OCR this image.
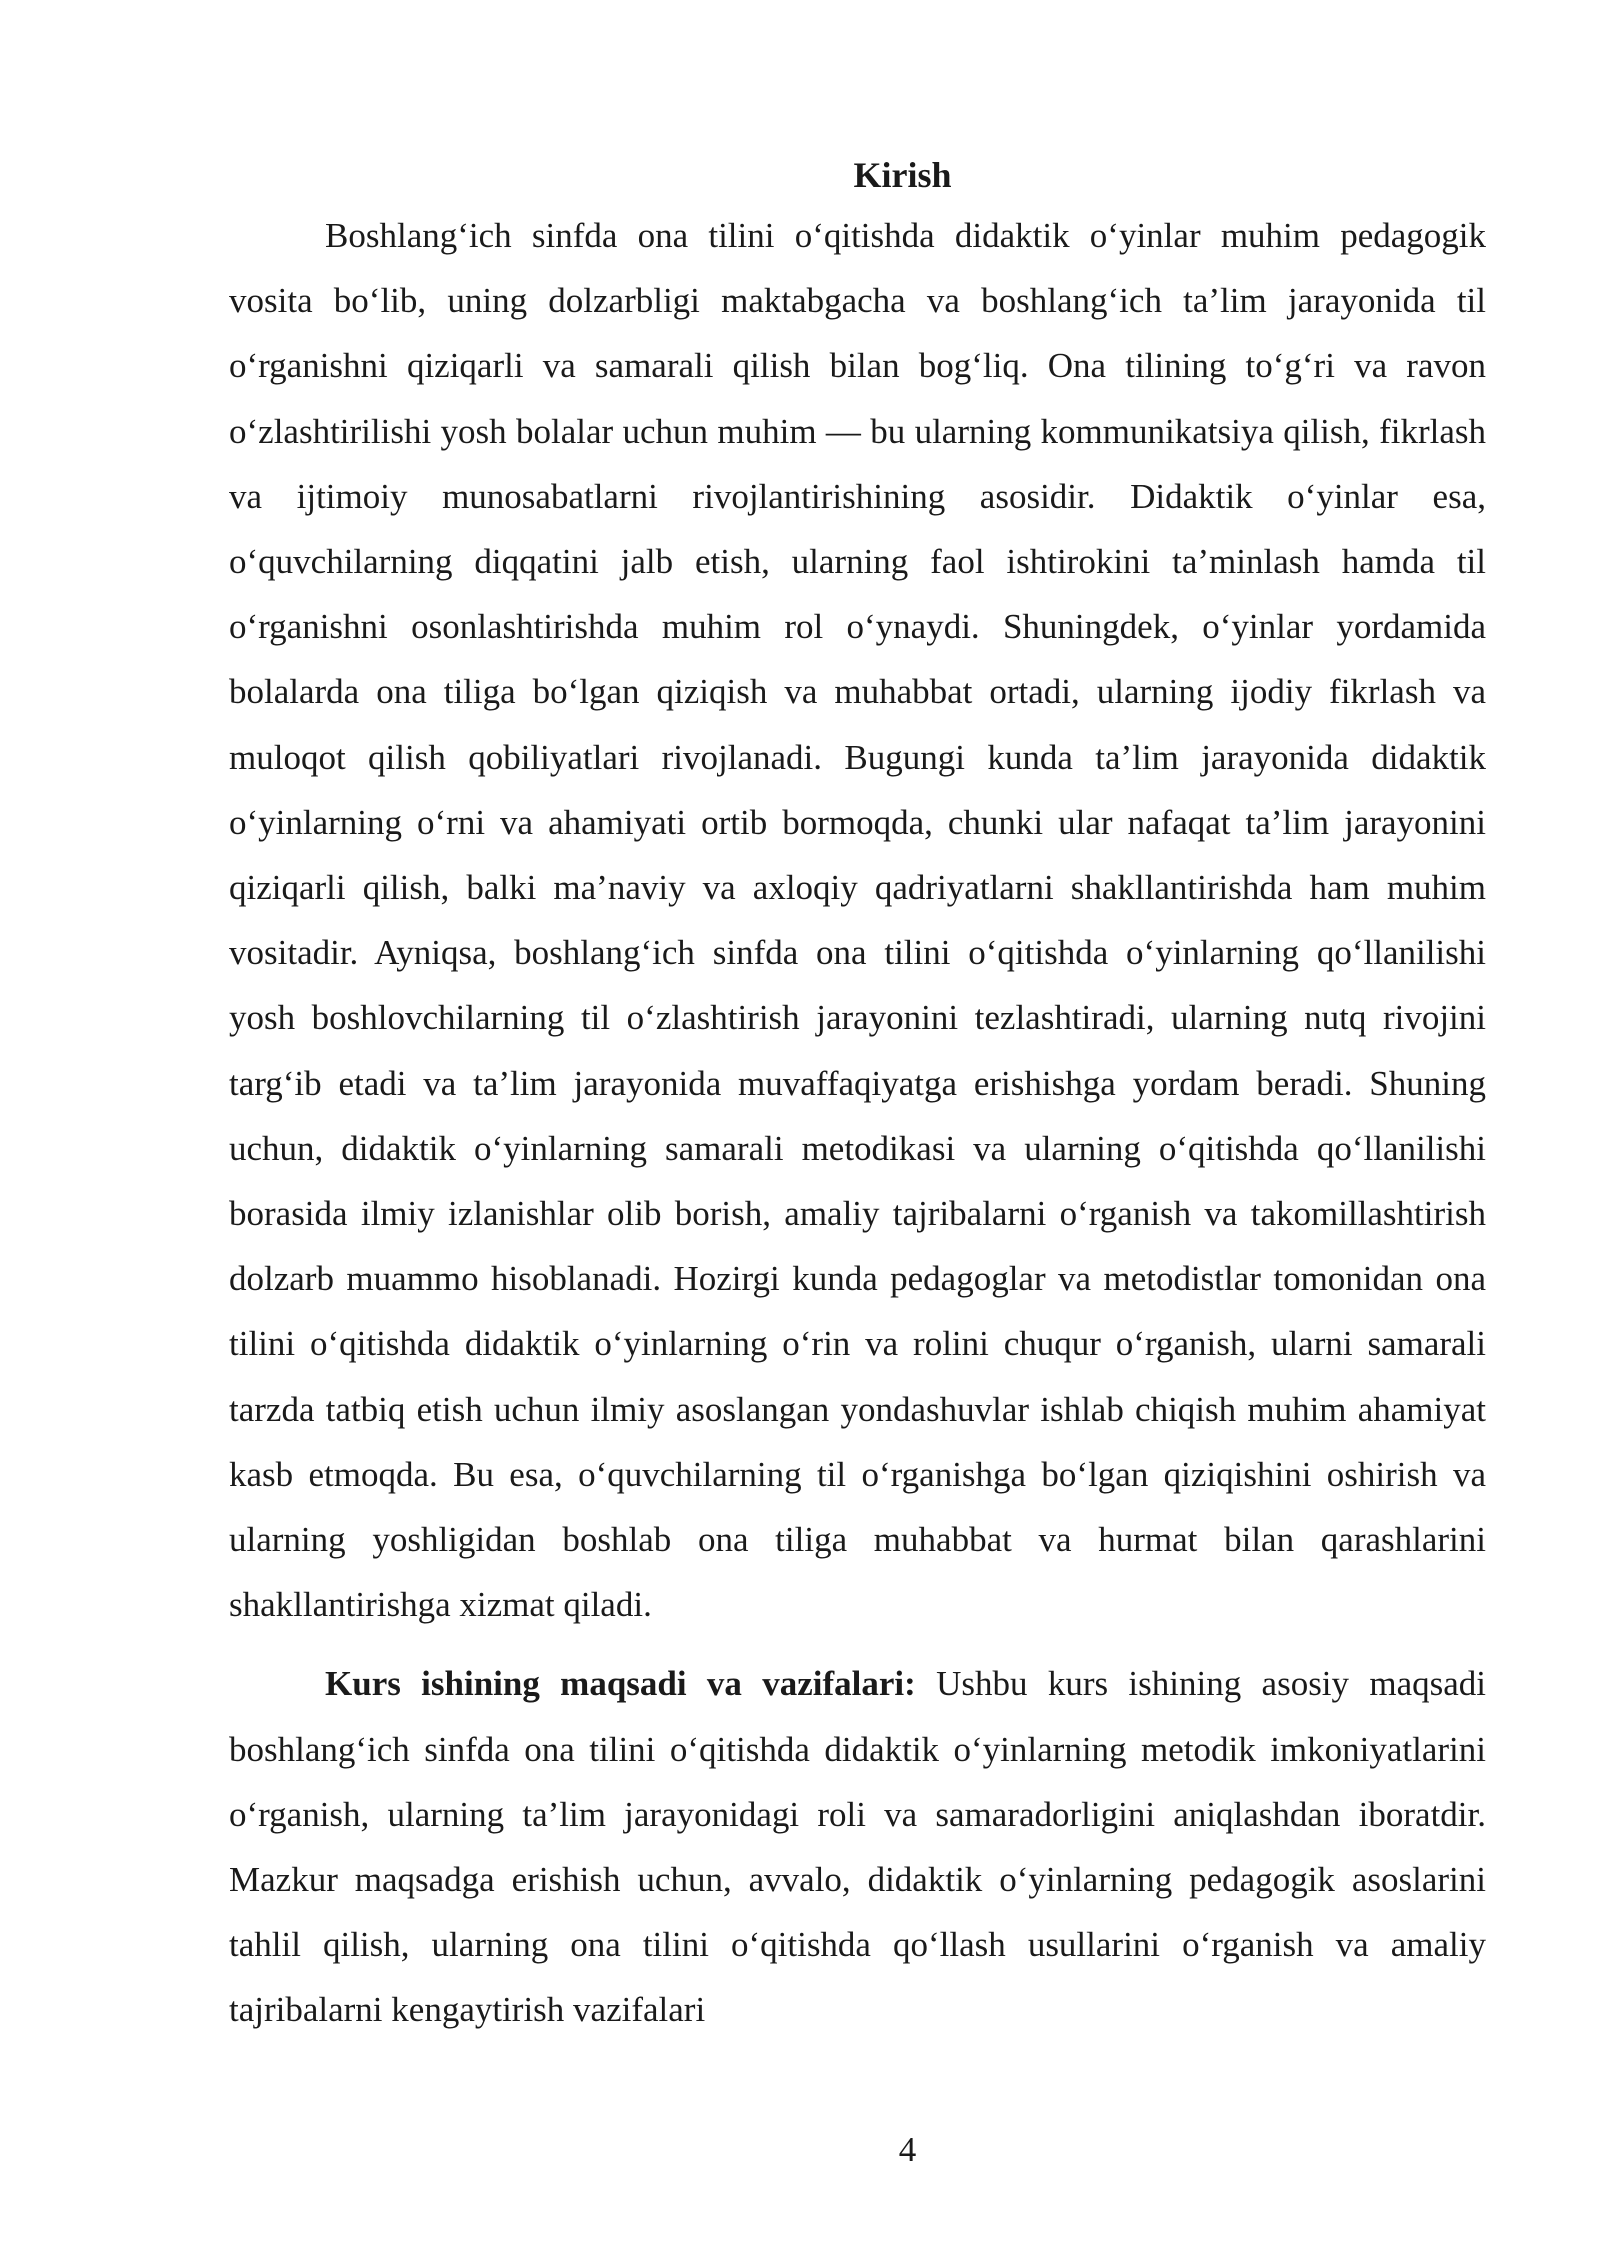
Kirish

Boshlang‘ich sinfda ona tilini o‘qitishda didaktik o‘yinlar muhim pedagogik vosita bo‘lib, uning dolzarbligi maktabgacha va boshlang‘ich ta’lim jarayonida til o‘rganishni qiziqarli va samarali qilish bilan bog‘liq. Ona tilining to‘g‘ri va ravon o‘zlashtirilishi yosh bolalar uchun muhim — bu ularning kommunikatsiya qilish, fikrlash va ijtimoiy munosabatlarni rivojlantirishining asosidir. Didaktik o‘yinlar esa, o‘quvchilarning diqqatini jalb etish, ularning faol ishtirokini ta’minlash hamda til o‘rganishni osonlashtirishda muhim rol o‘ynaydi. Shuningdek, o‘yinlar yordamida bolalarda ona tiliga bo‘lgan qiziqish va muhabbat ortadi, ularning ijodiy fikrlash va muloqot qilish qobiliyatlari rivojlanadi. Bugungi kunda ta’lim jarayonida didaktik o‘yinlarning o‘rni va ahamiyati ortib bormoqda, chunki ular nafaqat ta’lim jarayonini qiziqarli qilish, balki ma’naviy va axloqiy qadriyatlarni shakllantirishda ham muhim vositadir. Ayniqsa, boshlang‘ich sinfda ona tilini o‘qitishda o‘yinlarning qo‘llanilishi yosh boshlovchilarning til o‘zlashtirish jarayonini tezlashtiradi, ularning nutq rivojini targ‘ib etadi va ta’lim jarayonida muvaffaqiyatga erishishga yordam beradi. Shuning uchun, didaktik o‘yinlarning samarali metodikasi va ularning o‘qitishda qo‘llanilishi borasida ilmiy izlanishlar olib borish, amaliy tajribalarni o‘rganish va takomillashtirish dolzarb muammo hisoblanadi. Hozirgi kunda pedagoglar va metodistlar tomonidan ona tilini o‘qitishda didaktik o‘yinlarning o‘rin va rolini chuqur o‘rganish, ularni samarali tarzda tatbiq etish uchun ilmiy asoslangan yondashuvlar ishlab chiqish muhim ahamiyat kasb etmoqda. Bu esa, o‘quvchilarning til o‘rganishga bo‘lgan qiziqishini oshirish va ularning yoshligidan boshlab ona tiliga muhabbat va hurmat bilan qarashlarini shakllantirishga xizmat qiladi.

Kurs ishining maqsadi va vazifalari: Ushbu kurs ishining asosiy maqsadi boshlang‘ich sinfda ona tilini o‘qitishda didaktik o‘yinlarning metodik imkoniyatlarini o‘rganish, ularning ta’lim jarayonidagi roli va samaradorligini aniqlashdan iboratdir. Mazkur maqsadga erishish uchun, avvalo, didaktik o‘yinlarning pedagogik asoslarini tahlil qilish, ularning ona tilini o‘qitishda qo‘llash usullarini o‘rganish va amaliy tajribalarni kengaytirish vazifalari

4
